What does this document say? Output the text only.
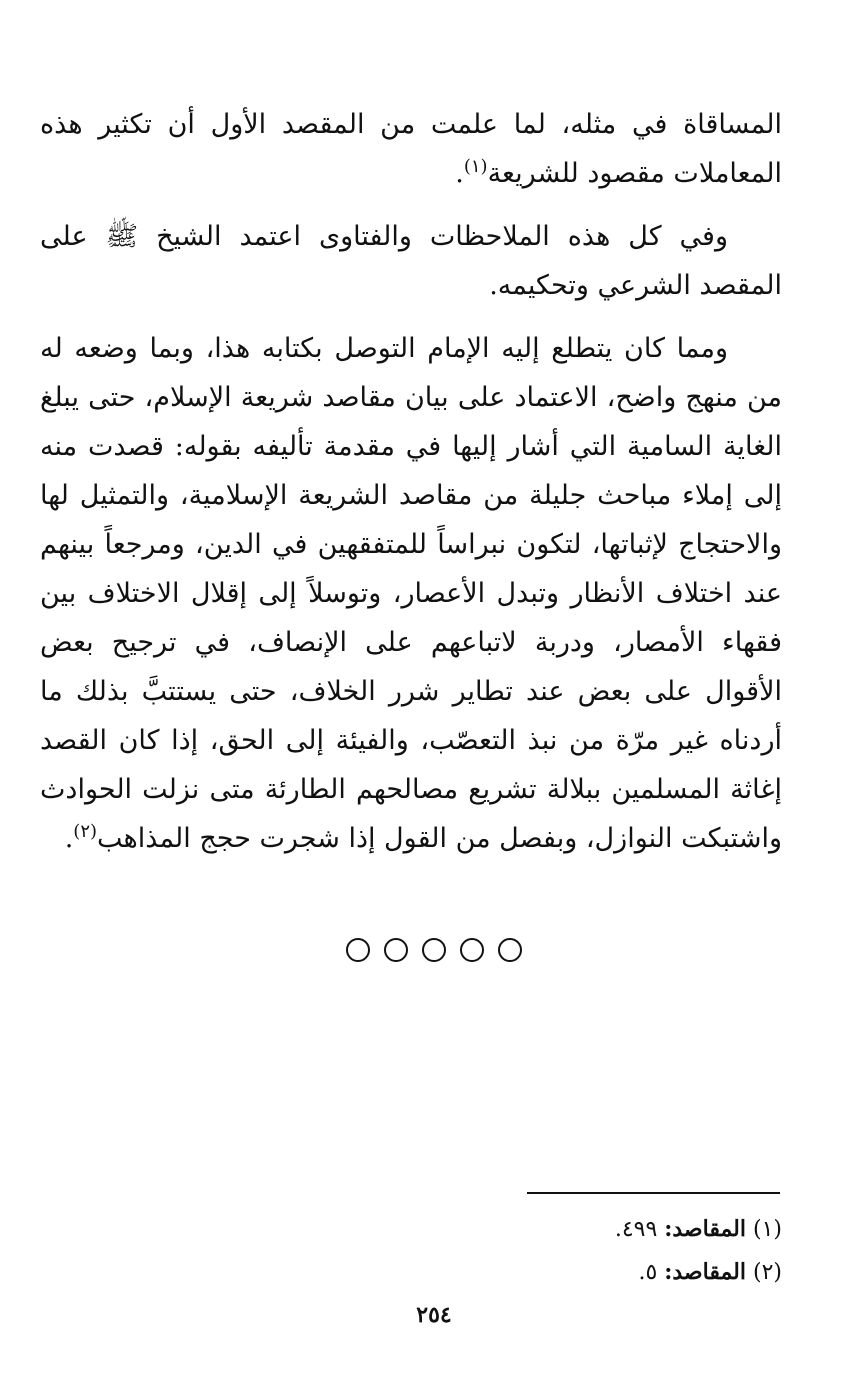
المساقاة في مثله، لما علمت من المقصد الأول أن تكثير هذه المعاملات مقصود للشريعة$^{(١)}$.

وفي كل هذه الملاحظات والفتاوى اعتمد الشيخ ﷺ على المقصد الشرعي وتحكيمه.

ومما كان يتطلع إليه الإمام التوصل بكتابه هذا، وبما وضعه له من منهج واضح، الاعتماد على بيان مقاصد شريعة الإسلام، حتى يبلغ الغاية السامية التي أشار إليها في مقدمة تأليفه بقوله: قصدت منه إلى إملاء مباحث جليلة من مقاصد الشريعة الإسلامية، والتمثيل لها والاحتجاج لإثباتها، لتكون نبراساً للمتفقهين في الدين، ومرجعاً بينهم عند اختلاف الأنظار وتبدل الأعصار، وتوسلاً إلى إقلال الاختلاف بين فقهاء الأمصار، ودربة لاتباعهم على الإنصاف، في ترجيح بعض الأقوال على بعض عند تطاير شرر الخلاف، حتى يستتبَّ بذلك ما أردناه غير مرّة من نبذ التعصّب، والفيئة إلى الحق، إذا كان القصد إغاثة المسلمين ببلالة تشريع مصالحهم الطارئة متى نزلت الحوادث واشتبكت النوازل، وبفصل من القول إذا شجرت حجج المذاهب$^{(٢)}$.

(١) المقاصد: ٤٩٩.

(٢) المقاصد: ٥.

٢٥٤
